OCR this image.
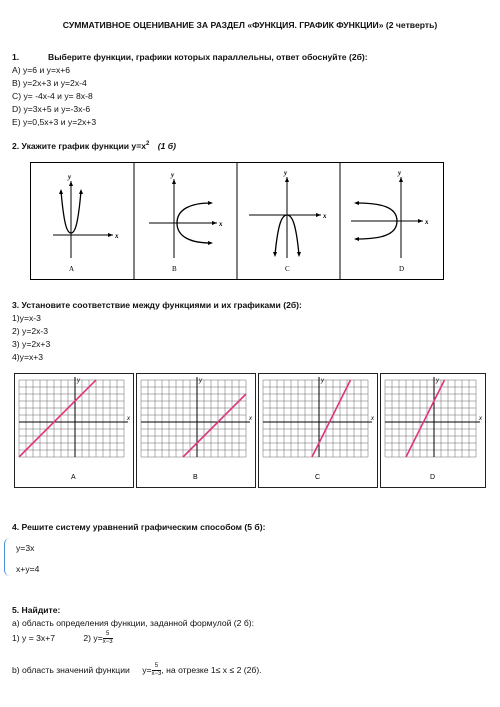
СУММАТИВНОЕ ОЦЕНИВАНИЕ ЗА РАЗДЕЛ «ФУНКЦИЯ. ГРАФИК ФУНКЦИИ» (2 четверть)
1.	Выберите функции, графики которых параллельны, ответ обоснуйте (2б):
A) y=6 и y=x+6
B) y=2x+3 и y=2x-4
C) y= -4x-4 и y= 8x-8
D) y=3x+5 и y=-3x-6
E) y=0,5x+3 и y=2x+3
2. Укажите график функции $y=x^2$ (1 б)
y
x
A
y
x
B
y
x
C
y
x
D
3. Установите соответствие между функциями и их графиками (2б):
1)y=x-3
2) y=2x-3
3) y=2x+3
4)y=x+3
x
y
A
x
y
B
x
y
C
x
y
D
4. Решите систему уравнений графическим способом (5 б):
y=3x
x+y=4
5. Найдите:
a) область определения функции, заданной формулой (2 б):
1) y = 3x+7	2) $y= \frac{5}{x-3}$
b) область значений функции $y= \frac{5}{x-3}$ , на отрезке 1≤ x ≤ 2 (2б).
